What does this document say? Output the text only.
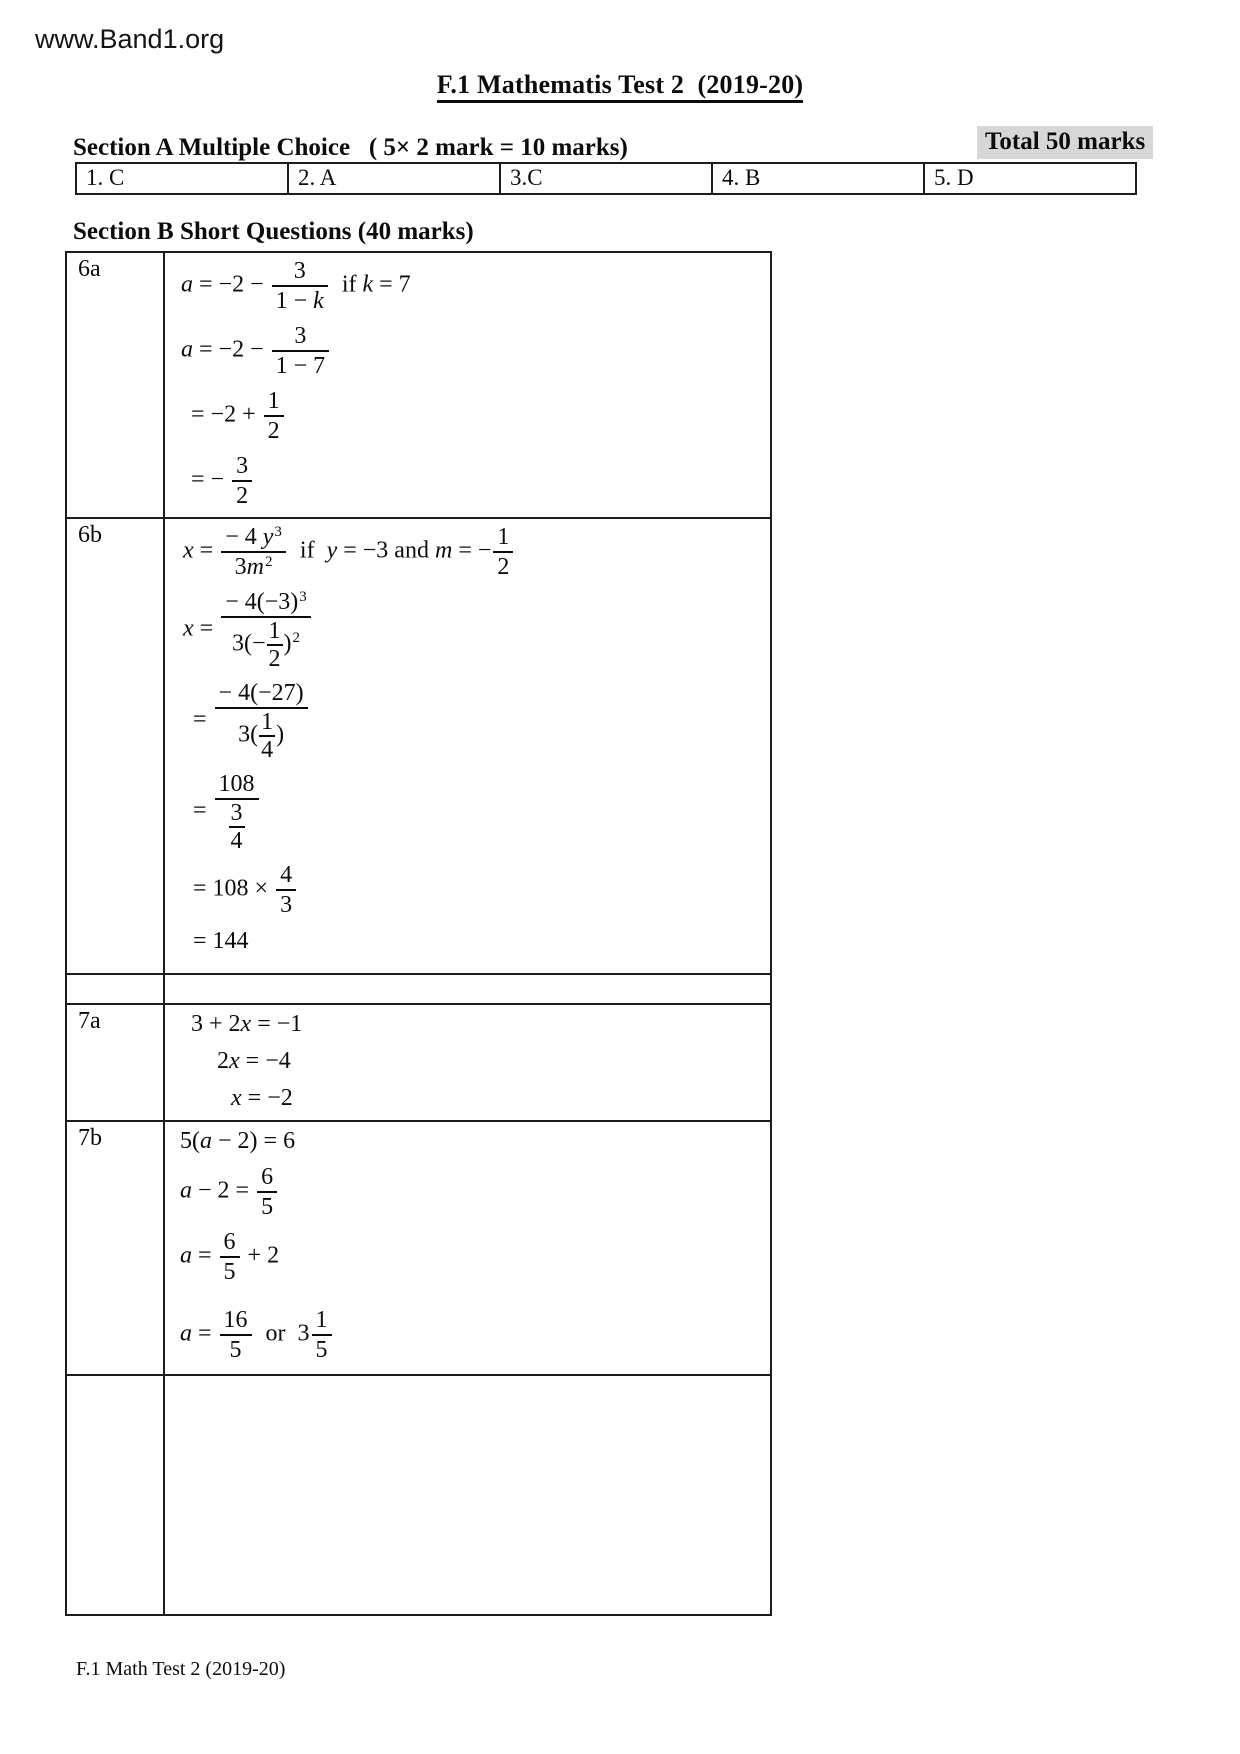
www.Band1.org
F.1 Mathematis Test 2  (2019-20)
Section A Multiple Choice   ( 5× 2 mark = 10 marks)	Total 50 marks
1. C	2. A	3.C	4. B	5. D
Section B Short Questions (40 marks)
6a	
$a = -2 - \frac{3}{1 - k}$ if k = 7
$a = -2 - \frac{3}{1 - 7}$
= $-2 + \frac{1}{2}$
= − $\frac{3}{2}$

6b	
$x = \frac{- 4 y^3}{3m^2}$ if  y = −3 and m = − $\frac{1}{2}$
$x = \frac{- 4(-3)^3}{3(- \frac{1}{2} )^2}$
= $\frac{- 4(-27)}{3( \frac{1}{4} )}$
= $\frac{108}{\frac{3}{4}}$
= $108 \times \frac{4}{3}$
= 144

7a	3 + 2x = −1
2x = −4
x = −2

7b	5(a − 2) = 6
$a - 2 = \frac{6}{5}$
$a = \frac{6}{5} + 2$
$a = \frac{16}{5}$ or  $3 \frac{1}{5}$

F.1 Math Test 2 (2019-20)
